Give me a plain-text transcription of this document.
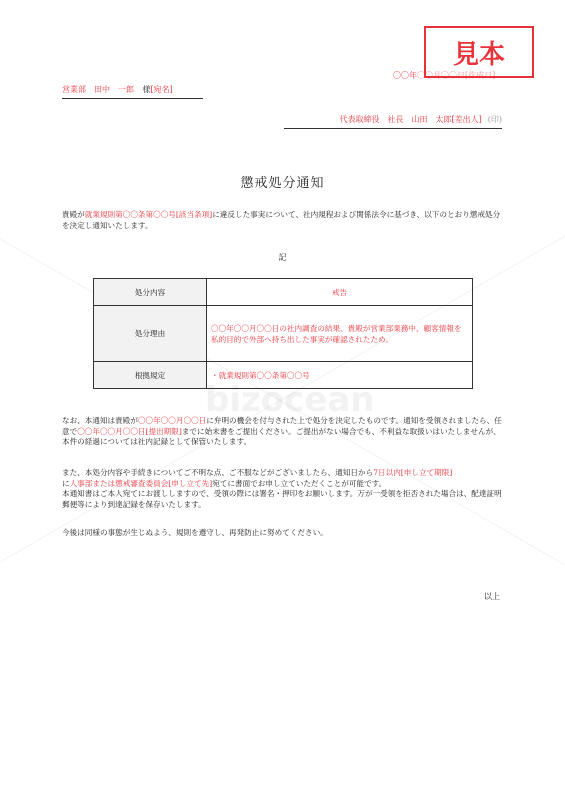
bizocean
見本
〇〇年〇〇月〇〇日[作成日]
営業部　田中　一郎 様[宛名]
代表取締役　社長　山田　太郎[差出人] (印)
懲戒処分通知
貴殿が就業規則第〇〇条第〇〇号[該当条項]に違反した事実について、社内規程および関係法令に基づき、以下のとおり懲戒処分を決定し通知いたします。
記
処分内容	戒告
処分理由	〇〇年〇〇月〇〇日の社内調査の結果、貴殿が営業部業務中、顧客情報を私的目的で外部へ持ち出した事実が確認されたため。
根拠規定	・就業規則第〇〇条第〇〇号
なお、本通知は貴殿が〇〇年〇〇月〇〇日に弁明の機会を付与された上で処分を決定したものです。通知を受領されましたら、任意で〇〇年〇〇月〇〇日[提出期限]までに始末書をご提出ください。ご提出がない場合でも、不利益な取扱いはいたしませんが、本件の経過については社内記録として保管いたします。
また、本処分内容や手続きについてご不明な点、ご不服などがございましたら、通知日から7日以内[申し立て期限]
に人事部または懲戒審査委員会[申し立て先]宛てに書面でお申し立ていただくことが可能です。
本通知書はご本人宛てにお渡ししますので、受領の際には署名・押印をお願いします。万が一受領を拒否された場合は、配達証明郵便等により到達記録を保存いたします。
今後は同様の事態が生じぬよう、規則を遵守し、再発防止に努めてください。
以上
